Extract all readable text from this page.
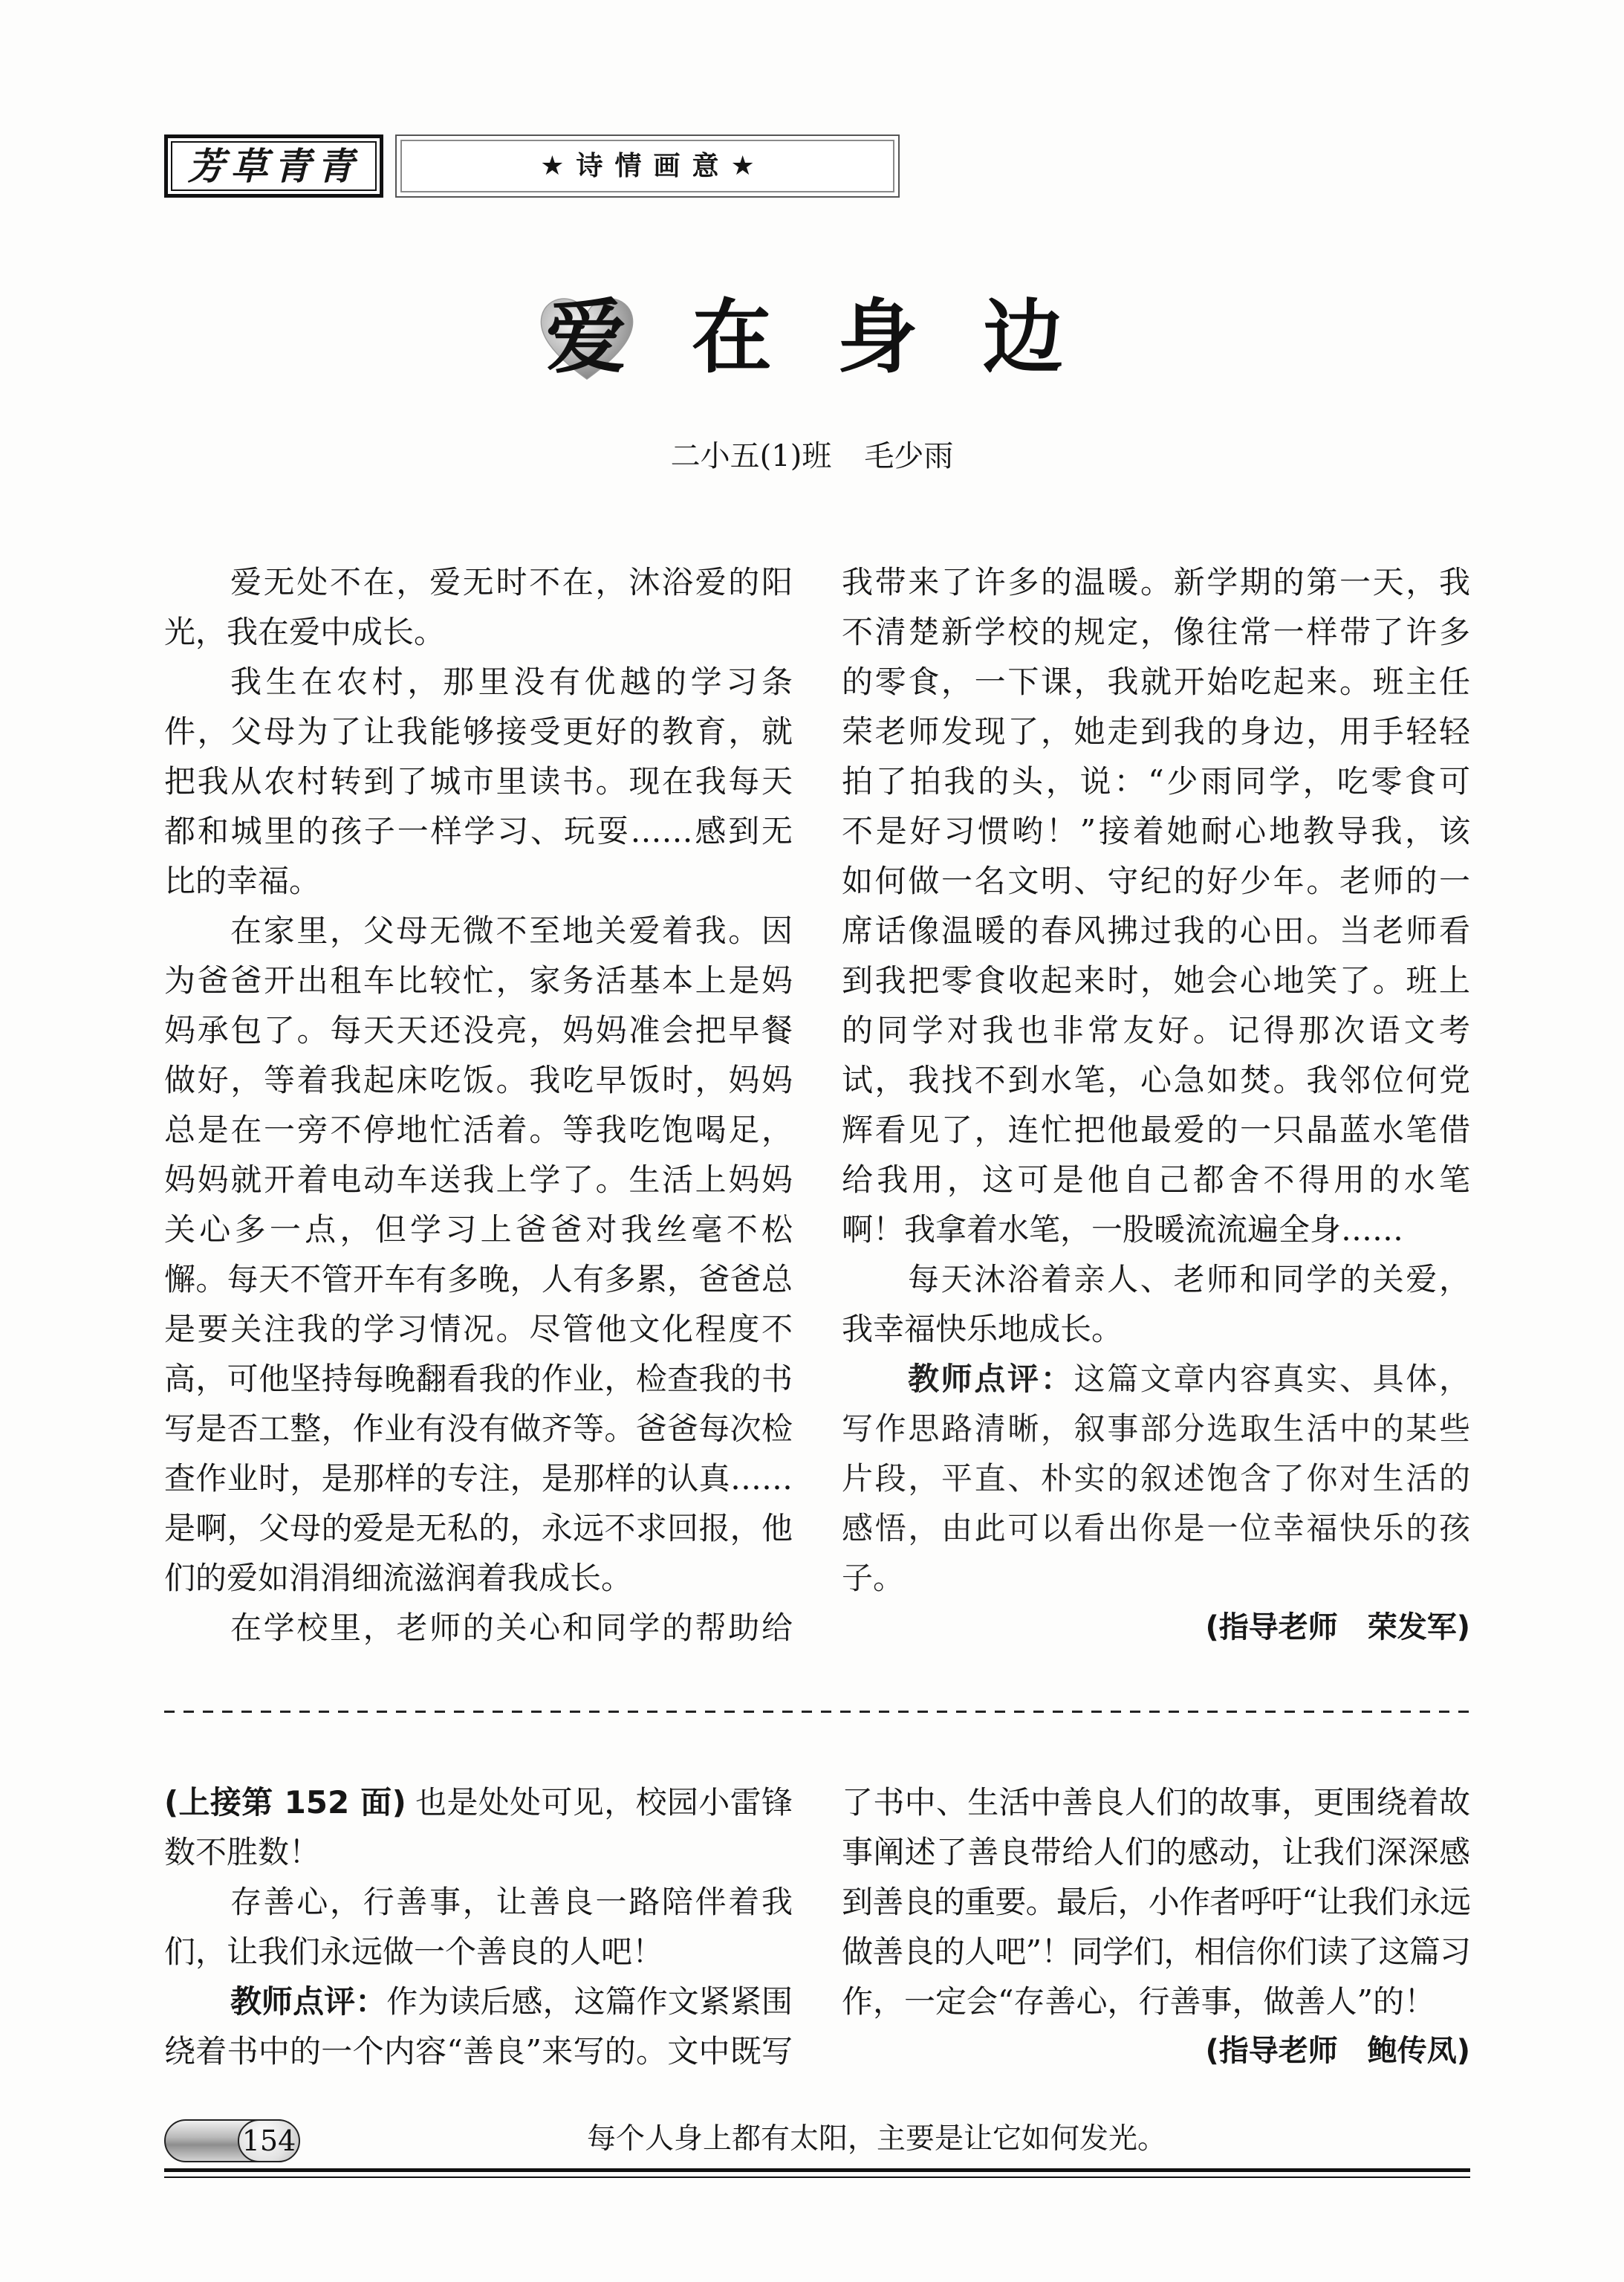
芳草青青	★诗情画意★
爱在身边
二小五(1)班 毛少雨
爱无处不在，爱无时不在，沐浴爱的阳
光，我在爱中成长。
我生在农村，那里没有优越的学习条
件，父母为了让我能够接受更好的教育，就
把我从农村转到了城市里读书。现在我每天
都和城里的孩子一样学习、玩耍……感到无
比的幸福。
在家里，父母无微不至地关爱着我。因
为爸爸开出租车比较忙，家务活基本上是妈
妈承包了。每天天还没亮，妈妈准会把早餐
做好，等着我起床吃饭。我吃早饭时，妈妈
总是在一旁不停地忙活着。等我吃饱喝足，
妈妈就开着电动车送我上学了。生活上妈妈
关心多一点，但学习上爸爸对我丝毫不松
懈。每天不管开车有多晚，人有多累，爸爸总
是要关注我的学习情况。尽管他文化程度不
高，可他坚持每晚翻看我的作业，检查我的书
写是否工整，作业有没有做齐等。爸爸每次检
查作业时，是那样的专注，是那样的认真……
是啊，父母的爱是无私的，永远不求回报，他
们的爱如涓涓细流滋润着我成长。
在学校里，老师的关心和同学的帮助给
我带来了许多的温暖。新学期的第一天，我
不清楚新学校的规定，像往常一样带了许多
的零食，一下课，我就开始吃起来。班主任
荣老师发现了，她走到我的身边，用手轻轻
拍了拍我的头，说：“少雨同学，吃零食可
不是好习惯哟！”接着她耐心地教导我，该
如何做一名文明、守纪的好少年。老师的一
席话像温暖的春风拂过我的心田。当老师看
到我把零食收起来时，她会心地笑了。班上
的同学对我也非常友好。记得那次语文考
试，我找不到水笔，心急如焚。我邻位何党
辉看见了，连忙把他最爱的一只晶蓝水笔借
给我用，这可是他自己都舍不得用的水笔
啊！我拿着水笔，一股暖流流遍全身……
每天沐浴着亲人、老师和同学的关爱，
我幸福快乐地成长。
教师点评：这篇文章内容真实、具体，
写作思路清晰，叙事部分选取生活中的某些
片段，平直、朴实的叙述饱含了你对生活的
感悟，由此可以看出你是一位幸福快乐的孩
子。
(指导老师　荣发军)
(上接第 152 面) 也是处处可见，校园小雷锋
数不胜数！
存善心，行善事，让善良一路陪伴着我
们，让我们永远做一个善良的人吧！
教师点评：作为读后感，这篇作文紧紧围
绕着书中的一个内容“善良”来写的。文中既写
了书中、生活中善良人们的故事，更围绕着故
事阐述了善良带给人们的感动，让我们深深感
到善良的重要。最后，小作者呼吁“让我们永远
做善良的人吧”！同学们，相信你们读了这篇习
作，一定会“存善心，行善事，做善人”的！
(指导老师　鲍传凤)
154	每个人身上都有太阳，主要是让它如何发光。
